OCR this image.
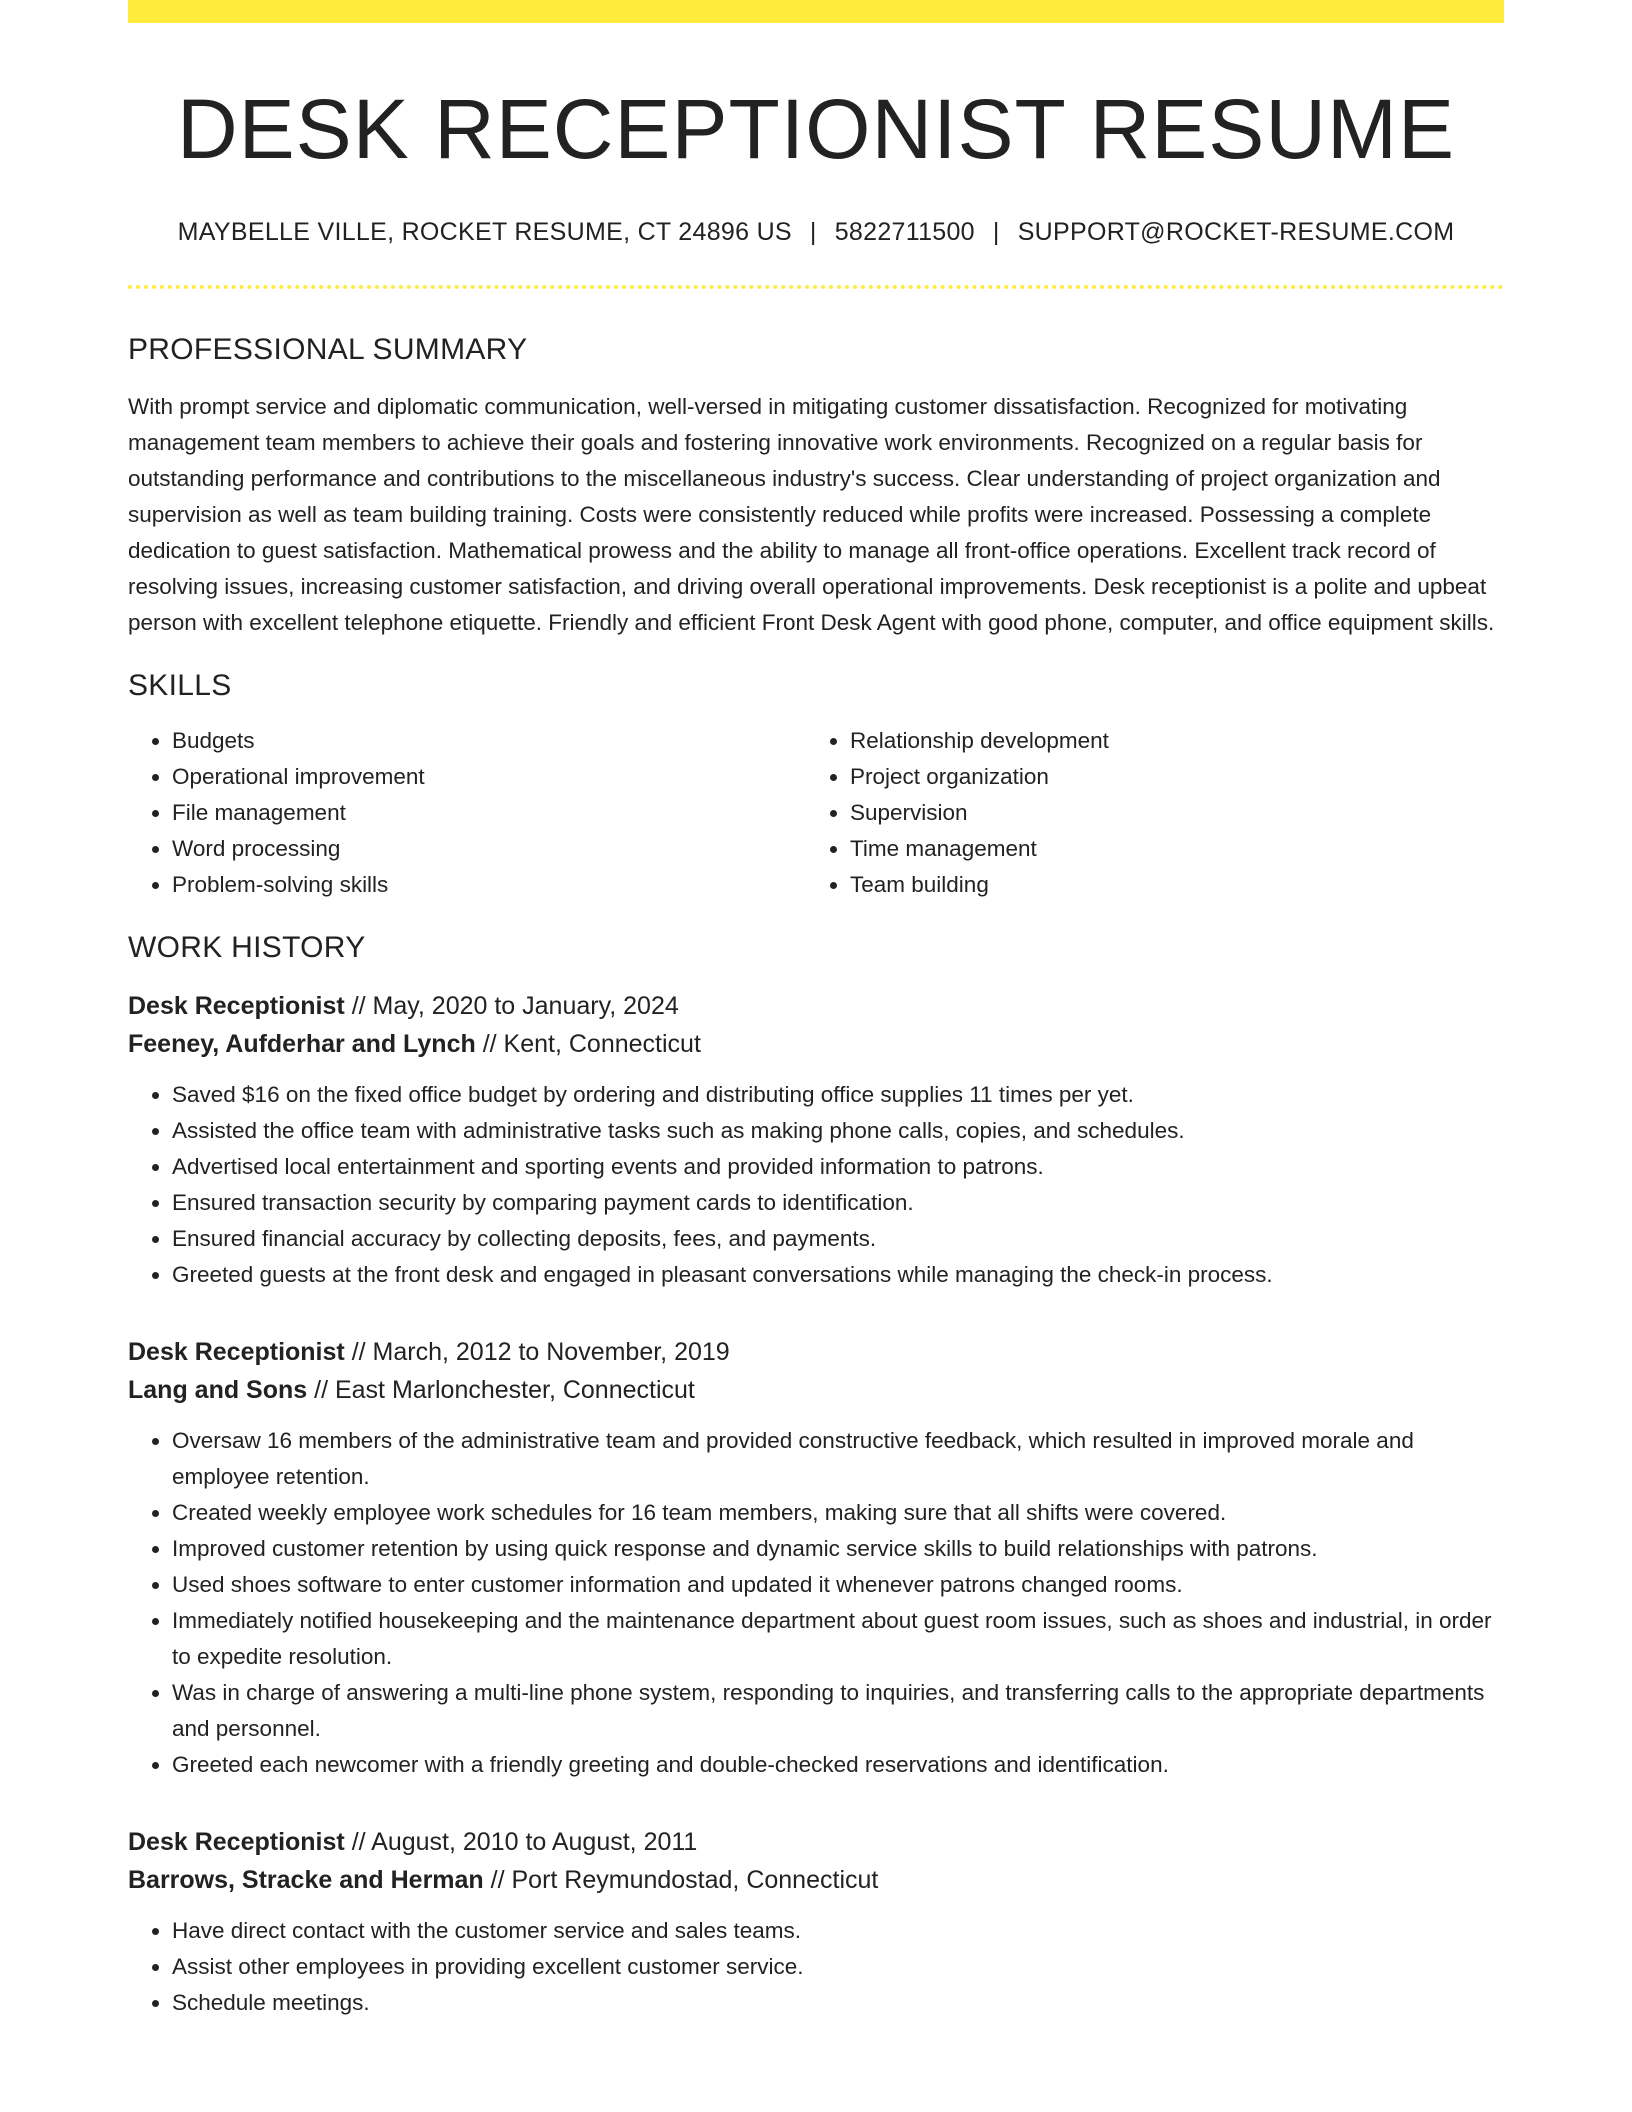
DESK RECEPTIONIST RESUME
MAYBELLE VILLE, ROCKET RESUME, CT 24896 US | 5822711500 | SUPPORT@ROCKET-RESUME.COM
PROFESSIONAL SUMMARY

With prompt service and diplomatic communication, well-versed in mitigating customer dissatisfaction. Recognized for motivating management team members to achieve their goals and fostering innovative work environments. Recognized on a regular basis for outstanding performance and contributions to the miscellaneous industry's success. Clear understanding of project organization and supervision as well as team building training. Costs were consistently reduced while profits were increased. Possessing a complete dedication to guest satisfaction. Mathematical prowess and the ability to manage all front-office operations. Excellent track record of resolving issues, increasing customer satisfaction, and driving overall operational improvements. Desk receptionist is a polite and upbeat person with excellent telephone etiquette. Friendly and efficient Front Desk Agent with good phone, computer, and office equipment skills.

SKILLS
• Budgets
• Operational improvement
• File management
• Word processing
• Problem-solving skills
• Relationship development
• Project organization
• Supervision
• Time management
• Team building
WORK HISTORY
Desk Receptionist // May, 2020 to January, 2024
Feeney, Aufderhar and Lynch // Kent, Connecticut
• Saved $16 on the fixed office budget by ordering and distributing office supplies 11 times per yet.
• Assisted the office team with administrative tasks such as making phone calls, copies, and schedules.
• Advertised local entertainment and sporting events and provided information to patrons.
• Ensured transaction security by comparing payment cards to identification.
• Ensured financial accuracy by collecting deposits, fees, and payments.
• Greeted guests at the front desk and engaged in pleasant conversations while managing the check-in process.
Desk Receptionist // March, 2012 to November, 2019
Lang and Sons // East Marlonchester, Connecticut
• Oversaw 16 members of the administrative team and provided constructive feedback, which resulted in improved morale and employee retention.
• Created weekly employee work schedules for 16 team members, making sure that all shifts were covered.
• Improved customer retention by using quick response and dynamic service skills to build relationships with patrons.
• Used shoes software to enter customer information and updated it whenever patrons changed rooms.
• Immediately notified housekeeping and the maintenance department about guest room issues, such as shoes and industrial, in order to expedite resolution.
• Was in charge of answering a multi-line phone system, responding to inquiries, and transferring calls to the appropriate departments and personnel.
• Greeted each newcomer with a friendly greeting and double-checked reservations and identification.
Desk Receptionist // August, 2010 to August, 2011
Barrows, Stracke and Herman // Port Reymundostad, Connecticut
• Have direct contact with the customer service and sales teams.
• Assist other employees in providing excellent customer service.
• Schedule meetings.
